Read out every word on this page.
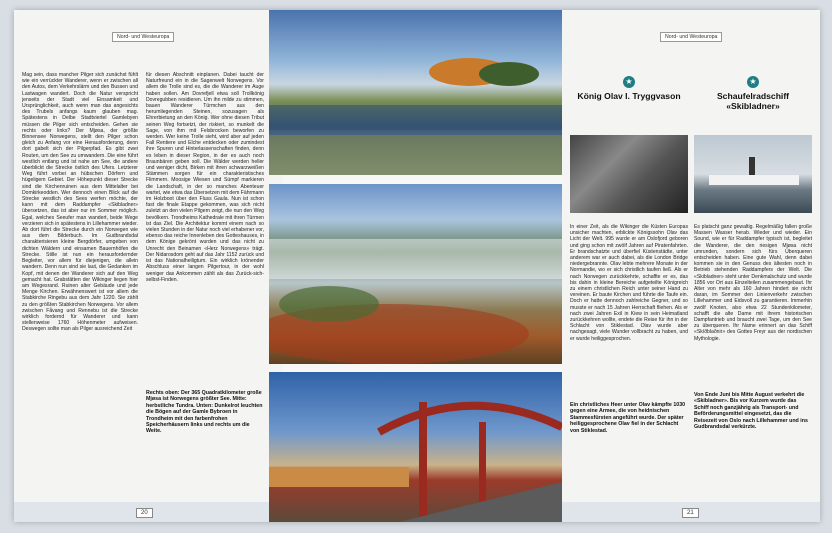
Nord- und Westeuropa
Mag sein, dass mancher Pilger sich zunächst fühlt wie ein verrückter Wanderer, wenn er zwischen all den Autos, dem Verkehrslärm und den Bussen und Lastwagen wandert. Doch die Natur verspricht jenseits der Stadt viel Einsamkeit und Ursprünglichkeit, auch wenn man das angesichts des Trubels anfangs kaum glauben mag. Spätestens in Delbe Stadtviertel Gamlebyen müssen die Pilger sich entscheiden. Gehen sie rechts oder links? Der Mjøsa, der größte Binnensee Norwegens, stellt den Pilger schon gleich zu Anfang vor eine Herausforderung, denn dort gabelt sich der Pilgerpfad. Es gibt zwei Routen, um den See zu umwandern. Die eine führt westlich entlang und ist nahe am See, die andere überblickt die Strecke östlich des Ufers. Letzterer Weg führt vorbei an hübschen Dörfern und hügeligem Gebiet. Der Höhepunkt dieser Strecke sind die Kirchenruinen aus dem Mittelalter bei Domkirkeodden. Wer dennoch einen Blick auf die Strecke westlich des Sees werfen möchte, der kann mit dem Raddampfer «Skibladner» übersetzen, das ist aber nur im Sommer möglich. Egal, welches Seeufer man wandert, beide Wege verzieren sich in spätestens in Lillehammer wieder. Ab dort führt die Strecke durch ein Norwegen wie aus dem Bilderbuch. Im Gudbrandsdal charakterisieren kleine Bergdörfer, umgeben von dichten Wäldern und einsamen Bauernhöfen die Strecke. Stille ist nun ein herausfordernder Begleiter, vor allem für diejenigen, die allein wandern. Denn nun sind sie laut, die Gedanken im Kopf, mit denen der Wanderer sich auf den Weg gemacht hat. Grabstätten der Wikinger liegen hier am Wegesrand. Ruinen alter Gebäude und jede Menge Kirchen. Erwähnenswert ist vor allem die Stabkirche Ringebu aus dem Jahr 1220. Sie zählt zu den größten Stabkirchen Norwegens. Vor allem zwischen Fåvang und Rennebu ist die Strecke wirklich fordernd für Wanderer und kann stellenweise 1760 Höhenmeter aufweisen. Deswegen sollte man als Pilger ausreichend Zeit
für diesen Abschnitt einplanen. Dabei taucht der Naturfreund ein in die Sagenwelt Norwegens. Vor allem die Trolle sind es, die die Wanderer im Auge haben sollen. Am Dovrefjell etwa soll Trollkönig Dovregubben residieren. Um ihn milde zu stimmen, bauen Wanderer Türmchen aus den herumliegenden Steinen, sozusagen als Ehrerbietung an den König. Wer ohne diesen Tribut seinen Weg fortsetzt, der riskiert, so munkelt die Sage, von ihm mit Felsbrocken beworfen zu werden. Wer keine Trolle sieht, wird aber auf jeden Fall Rentiere und Elche entdecken oder zumindest ihre Spuren und Hinterlassenschaften finden, denn es leben in dieser Region, in der es auch noch Braunbären geben soll. Die Wälder werden heller und weniger dicht, Birken mit ihren schwarzweißen Stämmen sorgen für ein charakteristisches Flimmern. Moosige Wiesen und Sümpf markieren die Landschaft, in der so manches Abenteuer wartet, wie etwa das Übersetzen mit dem Fährmann im Holzboot über den Fluss Gaula. Nun ist schon fast die finale Etappe gekommen, was sich nicht zuletzt an den vielen Pilgern zeigt, die nun den Weg bevölkern. Trondheims Kathedrale mit ihren Türmen ist das Ziel. Die Architektur kommt einem nach so vielen Stunden in der Natur noch viel erhabener vor, ebenso das reiche Innenleben des Gotteshauses, in dem Könige gekrönt wurden und das nicht zu Unrecht den Beinamen «Herz Norwegens» trägt. Der Nidarosdom geht auf das Jahr 1152 zurück und ist das Nationalheiligtum. Ein wirklich krönender Abschluss einer langen Pilgertour, in der wohl weniger das Ankommen zählt als das Zurück-sich-selbst-Finden.
Rechts oben: Der 365 Quadratkilometer große Mjøsa ist Norwegens größter See. Mitte: herbstliche Tundra. Unten: Dunkelrot leuchten die Bögen auf der Gamle Bybroen in Trondheim mit den farbenfrohen Speicherhäusern links und rechts um die Weite.
20
Nord- und Westeuropa
★	★
König Olav I. Tryggvason	Schaufelradschiff
«Skibladner»
In einer Zeit, als die Wikinger die Küsten Europas unsicher machten, erblickte Königssohn Olav das Licht der Welt. 995 wurde er am Oslofjord geboren und ging schon mit zwölf Jahren auf Piratenfahrten. Er brandschatzte und überfiel Küstenstädte, unter anderem war er auch dabei, als die London Bridge niedergebrannte. Olav lebte mehrere Monate in der Normandie, wo er sich christlich taufen ließ. Als er nach Norwegen zurückkehrte, schaffte er es, das bis dahin in kleine Bereiche aufgeteilte Königreich zu einem christlichen Reich unter seiner Hand zu vereinen. Er baute Kirchen und führte die Taufe ein. Doch er hatte dennoch zahlreiche Gegner, und so musste er nach 15 Jahren Herrschaft fliehen. Als er nach zwei Jahren Exil in Kiew in sein Heimatland zurückkehren wollte, endete die Reise für ihn in der Schlacht von Stiklestad. Olav wurde aber nachgesagt, viele Wunder vollbracht zu haben, und er wurde heiliggesprochen.
Ein christliches Heer unter Olav kämpfte 1030 gegen eine Armee, die von heidnischen Stammesfürsten angeführt wurde. Der später heiliggesprochene Olav fiel in der Schlacht von Stiklestad.
Es platscht ganz gewaltig. Regelmäßig fallen große Massen Wasser herab. Wieder und wieder. Ein Sound, wie er für Raddampfer typisch ist, begleitet die Wanderer, die den riesigen Mjøsa nicht umrunden, sondern sich fürs Überqueren entscheiden haben. Eine gute Wahl, denn dabei kommen sie in den Genuss des ältesten noch in Betrieb stehenden Raddampfers der Welt. Die «Skibladner» steht unter Denkmalschutz und wurde 1856 vor Ort aus Einzelteilen zusammengebaut. Ihr Alter von mehr als 160 Jahren hindert sie nicht daran, im Sommer den Linienverkehr zwischen Lillehammer und Eidsvoll zu garantieren. Immerhin zwölf Knoten, also etwa 22 Stundenkilometer, schafft die alte Dame mit ihrem historischen Dampfantrieb und braucht zwei Tage, um den See zu überqueren. Ihr Name erinnert an das Schiff «Skíðblaðnir» des Gottes Freyr aus der nordischen Mythologie.
Von Ende Juni bis Mitte August verkehrt die «Skibladner». Bis vor Kurzem wurde das Schiff noch ganzjährig als Transport- und Beförderungsmittel eingesetzt, das die Reisezeit von Oslo nach Lillehammer und ins Gudbrandsdal verkürzte.
21
